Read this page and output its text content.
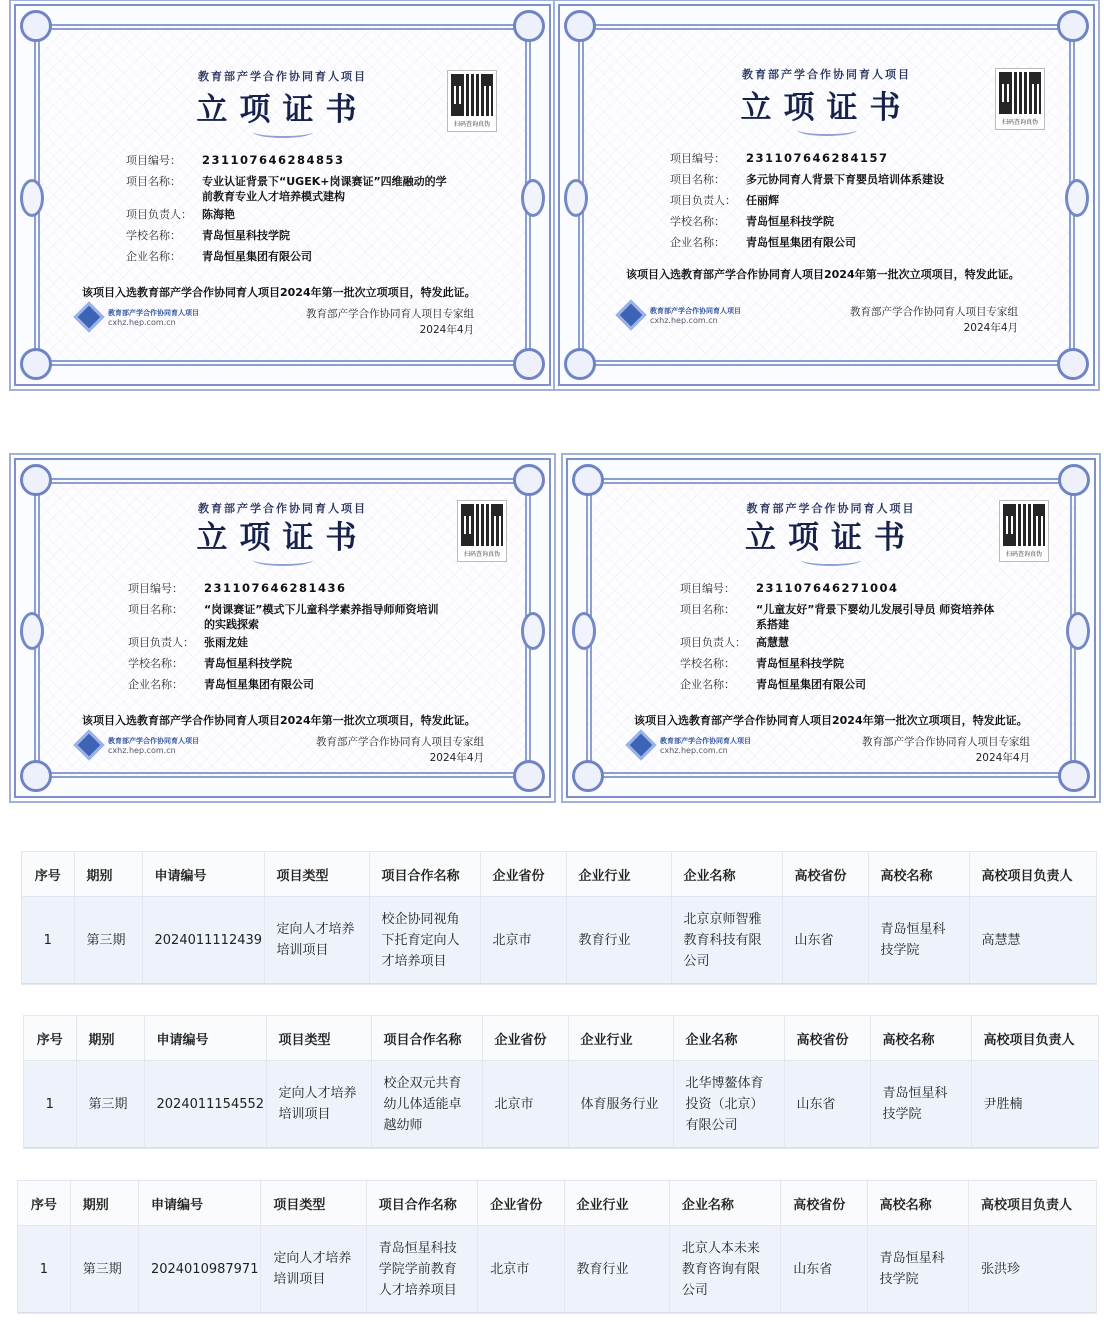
教育部产学合作协同育人项目
立项证书	扫码查询真伪
项目编号：	231107646284853
项目名称：	专业认证背景下“UGEK+岗课赛证”四维融动的学前教育专业人才培养模式建构
项目负责人： 陈海艳
学校名称：	青岛恒星科技学院
企业名称：	青岛恒星集团有限公司
该项目入选教育部产学合作协同育人项目2024年第一批次立项项目，特发此证。
教育部产学合作协同育人项目
cxhz.hep.com.cn
教育部产学合作协同育人项目专家组
2024年4月
教育部产学合作协同育人项目
立项证书	扫码查询真伪
项目编号：	231107646284157
项目名称：	多元协同育人背景下育婴员培训体系建设
项目负责人： 任丽辉
学校名称：	青岛恒星科技学院
企业名称：	青岛恒星集团有限公司
该项目入选教育部产学合作协同育人项目2024年第一批次立项项目，特发此证。
教育部产学合作协同育人项目
cxhz.hep.com.cn
教育部产学合作协同育人项目专家组
2024年4月
教育部产学合作协同育人项目
立项证书	扫码查询真伪
项目编号：	231107646281436
项目名称：	“岗课赛证”模式下儿童科学素养指导师师资培训的实践探索
项目负责人： 张雨龙娃
学校名称：	青岛恒星科技学院
企业名称：	青岛恒星集团有限公司
该项目入选教育部产学合作协同育人项目2024年第一批次立项项目，特发此证。
教育部产学合作协同育人项目
cxhz.hep.com.cn
教育部产学合作协同育人项目专家组
2024年4月
教育部产学合作协同育人项目
立项证书	扫码查询真伪
项目编号：	231107646271004
项目名称：	“儿童友好”背景下婴幼儿发展引导员 师资培养体系搭建
项目负责人： 高慧慧
学校名称：	青岛恒星科技学院
企业名称：	青岛恒星集团有限公司
该项目入选教育部产学合作协同育人项目2024年第一批次立项项目，特发此证。
教育部产学合作协同育人项目
cxhz.hep.com.cn
教育部产学合作协同育人项目专家组
2024年4月
序号	期别	申请编号	项目类型	项目合作名称	企业省份	企业行业	企业名称	高校省份	高校名称	高校项目负责人
1	第三期	2024011112439	定向人才培养培训项目	校企协同视角下托育定向人才培养项目	北京市	教育行业	北京京师智雅教育科技有限公司	山东省	青岛恒星科技学院	高慧慧
序号	期别	申请编号	项目类型	项目合作名称	企业省份	企业行业	企业名称	高校省份	高校名称	高校项目负责人
1	第三期	2024011154552	定向人才培养培训项目	校企双元共育幼儿体适能卓越幼师	北京市	体育服务行业	北华博鳌体育投资（北京）有限公司	山东省	青岛恒星科技学院	尹胜楠
序号	期别	申请编号	项目类型	项目合作名称	企业省份	企业行业	企业名称	高校省份	高校名称	高校项目负责人
1	第三期	2024010987971	定向人才培养培训项目	青岛恒星科技学院学前教育人才培养项目	北京市	教育行业	北京人本未来教育咨询有限公司	山东省	青岛恒星科技学院	张洪珍
